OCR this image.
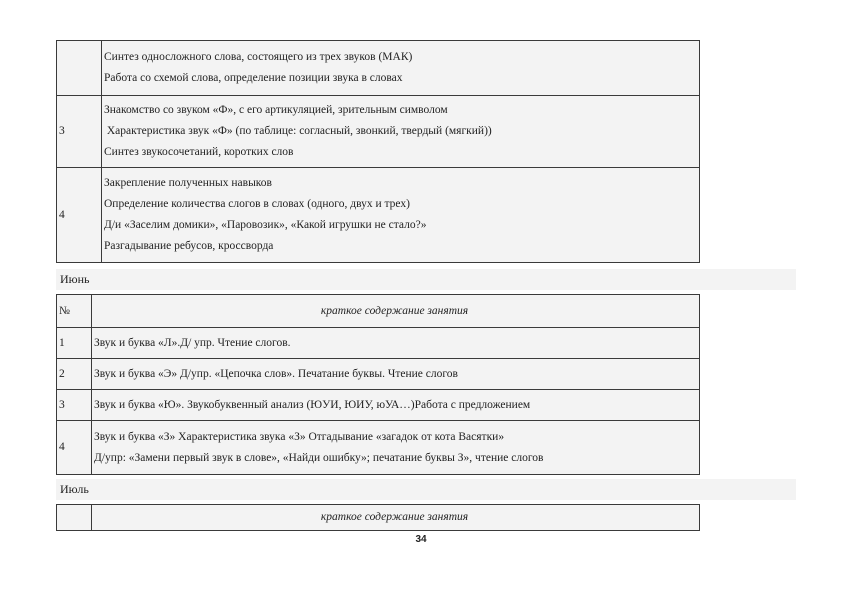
	Синтез односложного слова, состоящего из трех звуков (МАК)
Работа со схемой слова, определение позиции звука в словах

3	Знакомство со звуком «Ф», с его артикуляцией, зрительным символом
Характеристика звук «Ф» (по таблице: согласный, звонкий, твердый (мягкий))
Синтез звукосочетаний, коротких слов

4	Закрепление полученных навыков
Определение количества слогов в словах (одного, двух и трех)
Д/и «Заселим домики», «Паровозик», «Какой игрушки не стало?»
Разгадывание ребусов, кроссворда
Июнь
№	краткое содержание занятия
1	Звук и буква «Л».Д/ упр. Чтение слогов.

2	Звук и буква «Э» Д/упр. «Цепочка слов». Печатание буквы. Чтение слогов

3	Звук и буква «Ю». Звукобуквенный анализ (ЮУИ, ЮИУ, юУА…)Работа с предложением

4	Звук и буква «З» Характеристика звука «З» Отгадывание «загадок от кота Васятки»
Д/упр: «Замени первый звук в слове», «Найди ошибку»; печатание буквы З», чтение слогов
Июль
	краткое содержание занятия
34
